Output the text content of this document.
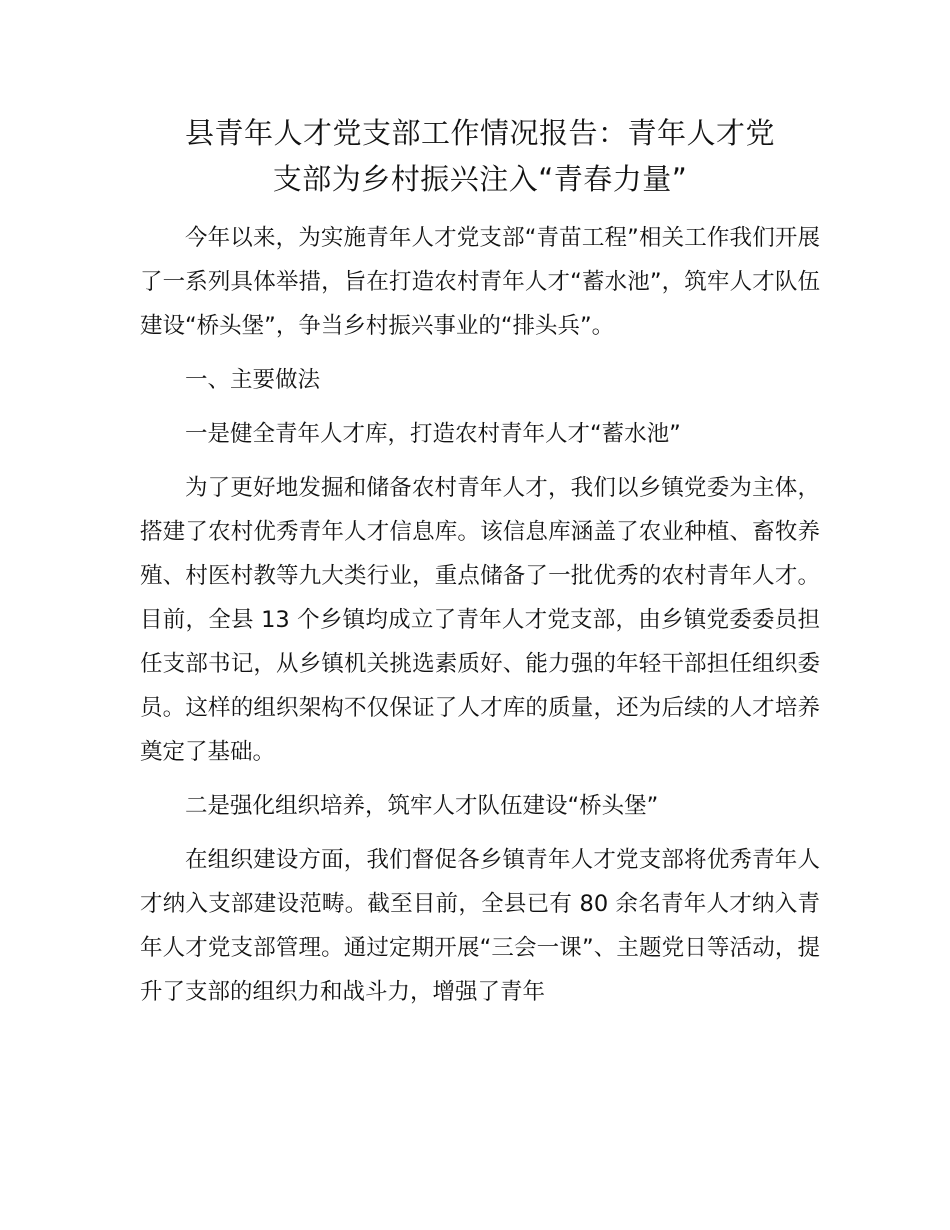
县青年人才党支部工作情况报告：青年人才党
支部为乡村振兴注入“青春力量”

今年以来，为实施青年人才党支部“青苗工程”相关工作我们开展了一系列具体举措，旨在打造农村青年人才“蓄水池”，筑牢人才队伍建设“桥头堡”，争当乡村振兴事业的“排头兵”。

一、主要做法

一是健全青年人才库，打造农村青年人才“蓄水池”

为了更好地发掘和储备农村青年人才，我们以乡镇党委为主体，搭建了农村优秀青年人才信息库。该信息库涵盖了农业种植、畜牧养殖、村医村教等九大类行业，重点储备了一批优秀的农村青年人才。目前，全县 13 个乡镇均成立了青年人才党支部，由乡镇党委委员担任支部书记，从乡镇机关挑选素质好、能力强的年轻干部担任组织委员。这样的组织架构不仅保证了人才库的质量，还为后续的人才培养奠定了基础。

二是强化组织培养，筑牢人才队伍建设“桥头堡”

在组织建设方面，我们督促各乡镇青年人才党支部将优秀青年人才纳入支部建设范畴。截至目前，全县已有 80 余名青年人才纳入青年人才党支部管理。通过定期开展“三会一课”、主题党日等活动，提升了支部的组织力和战斗力，增强了青年
